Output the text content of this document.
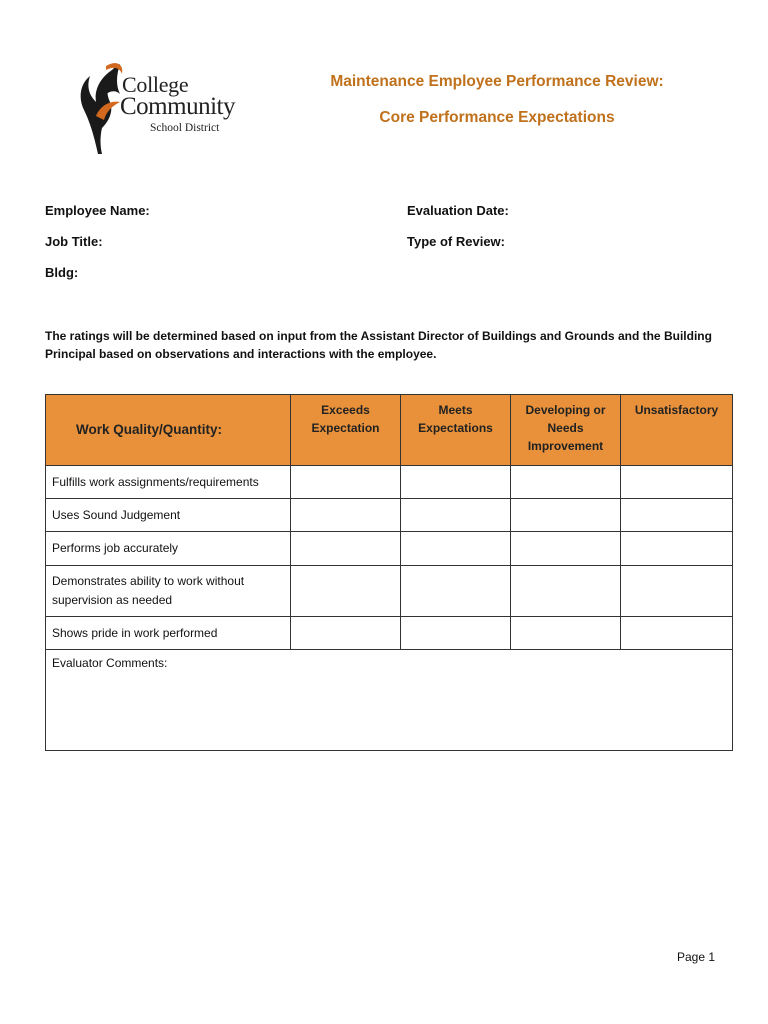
College
Community
School District
Maintenance Employee Performance Review:
Core Performance Expectations
Employee Name:
Job Title:
Bldg:
Evaluation Date:
Type of Review:
The ratings will be determined based on input from the Assistant Director of Buildings and Grounds and the Building Principal based on observations and interactions with the employee.
Work Quality/Quantity:	Exceeds Expectation	Meets Expectations	Developing or Needs Improvement	Unsatisfactory
Fulfills work assignments/requirements				
Uses Sound Judgement				
Performs job accurately				
Demonstrates ability to work without supervision as needed				
Shows pride in work performed				
Evaluator Comments:				
Page 1
